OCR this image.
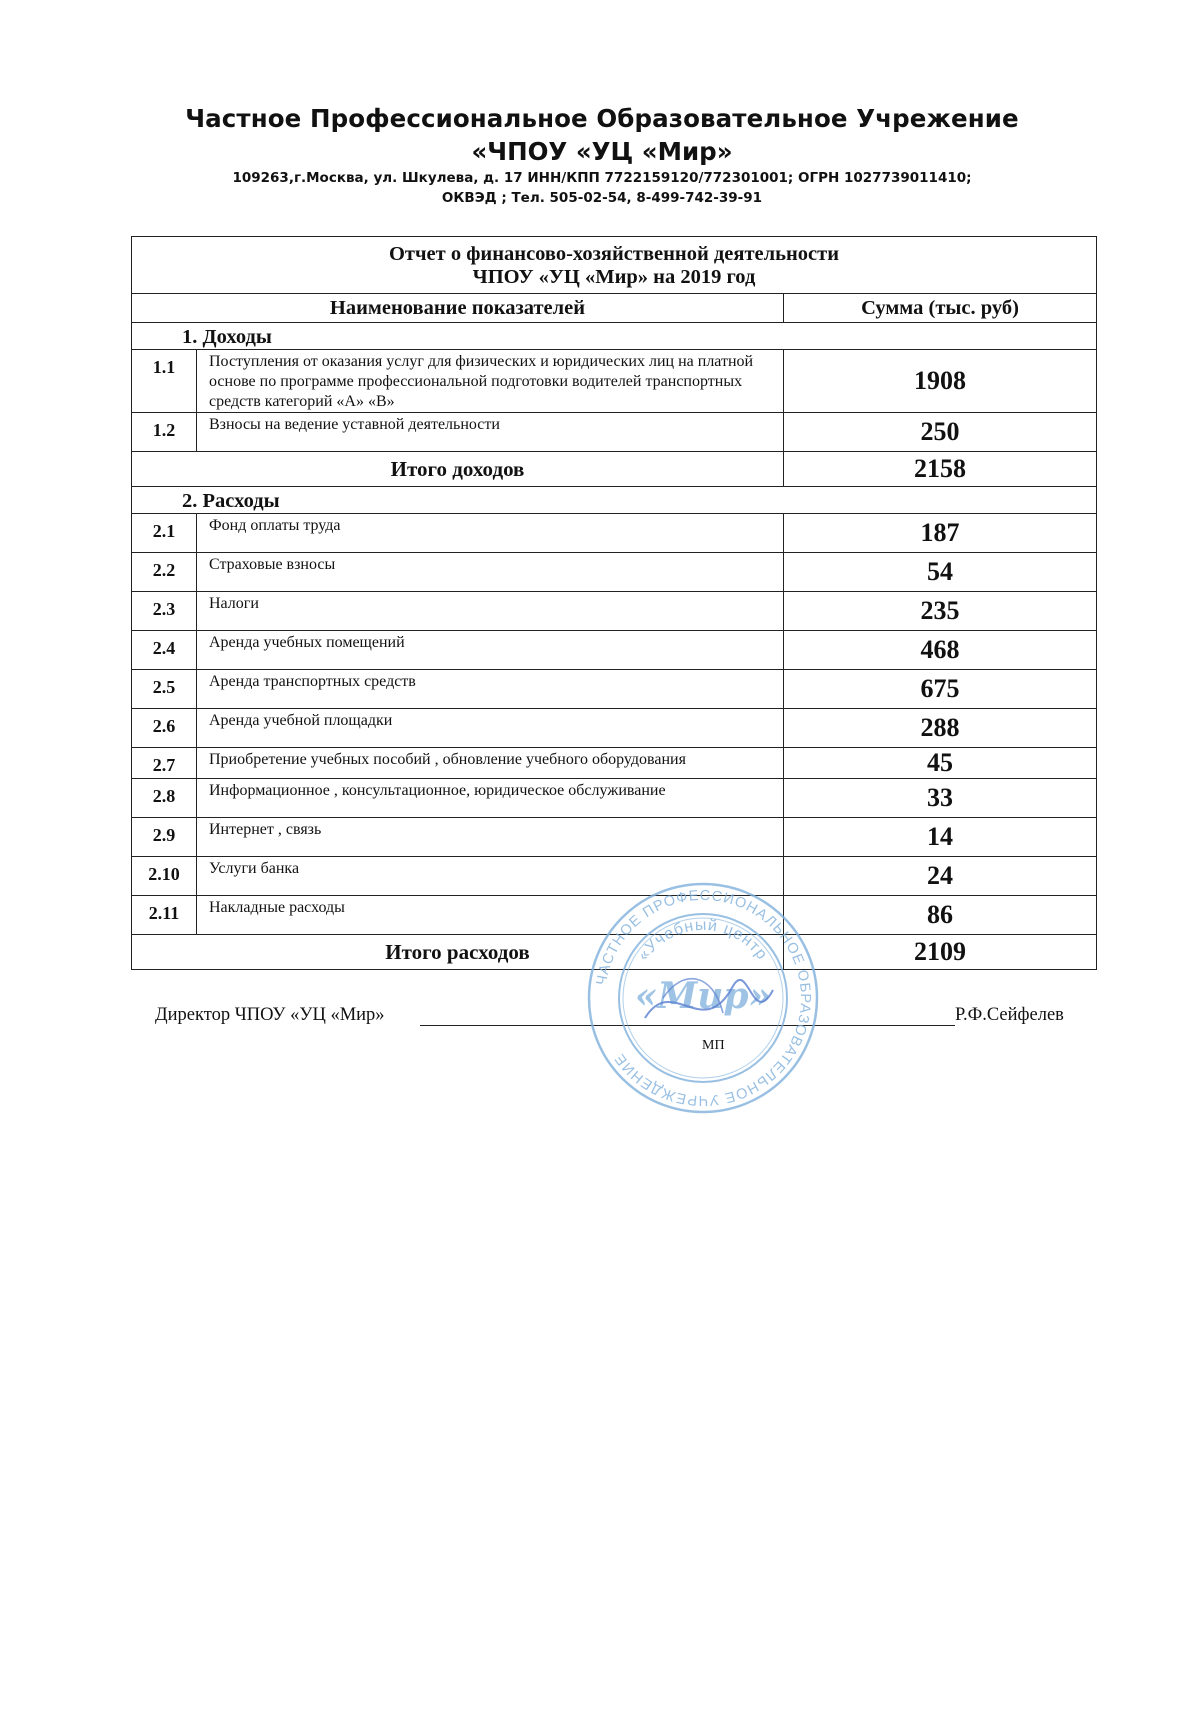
Частное Профессиональное Образовательное Учрежение
«ЧПОУ «УЦ «Мир»
109263,г.Москва, ул. Шкулева, д. 17 ИНН/КПП 7722159120/772301001; ОГРН 1027739011410;
ОКВЭД ; Тел. 505-02-54, 8-499-742-39-91
Отчет о финансово-хозяйственной деятельности
ЧПОУ «УЦ «Мир» на 2019 год		

Наименование показателей		Сумма (тыс. руб)
1. Доходы		
1.1	Поступления от оказания услуг для физических и юридических лиц на платной основе по программе профессиональной подготовки водителей транспортных средств категорий «А» «В»	1908
1.2	Взносы на ведение уставной деятельности	250
Итого доходов		2158
2. Расходы		
2.1	Фонд оплаты труда	187
2.2	Страховые взносы	54
2.3	Налоги	235
2.4	Аренда учебных помещений	468
2.5	Аренда транспортных средств	675
2.6	Аренда учебной площадки	288
2.7	Приобретение учебных пособий , обновление учебного оборудования	45
2.8	Информационное , консультационное, юридическое обслуживание	33
2.9	Интернет , связь	14
2.10	Услуги банка	24
2.11	Накладные расходы	86
Итого расходов		2109
Директор ЧПОУ «УЦ «Мир»	Р.Ф.Сейфелев
МП
ЧАСТНОЕ ПРОФЕССИОНАЛЬНОЕ ОБРАЗОВАТЕЛЬНОЕ УЧРЕЖДЕНИЕ
«Учебный центр
«Мир»
